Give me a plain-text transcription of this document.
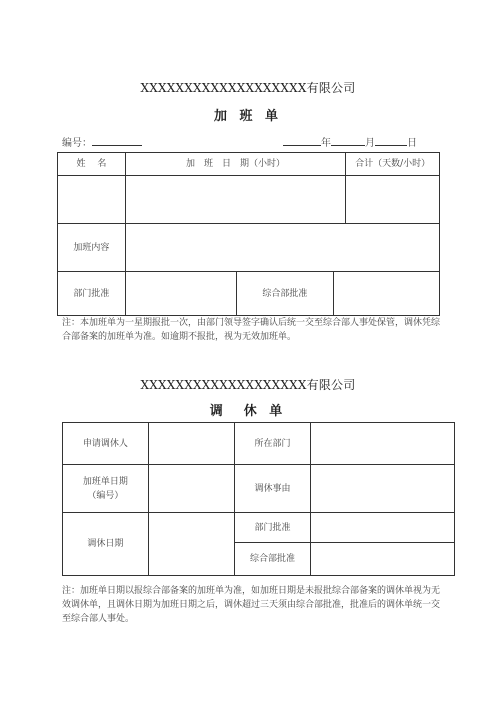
XXXXXXXXXXXXXXXXXXX有限公司
加 班 单
编号：	年	月	日
姓　 名	加　班　日　期（小时）			合计（天数/小时）

加班内容				
部门批准		综合部批准		
注：本加班单为一星期报批一次，由部门领导签字确认后统一交至综合部人事处保管，调休凭综合部备案的加班单为准。如逾期不报批，视为无效加班单。
XXXXXXXXXXXXXXXXXXX有限公司
调　休 单
申请调休人		所在部门	

加班单日期
（编号）		调休事由	
调休日期		部门批准	
		综合部批准	
注：加班单日期以报综合部备案的加班单为准，如加班日期是未报批综合部备案的调休单视为无效调休单，且调休日期为加班日期之后，调休超过三天须由综合部批准，批准后的调休单统一交至综合部人事处。
